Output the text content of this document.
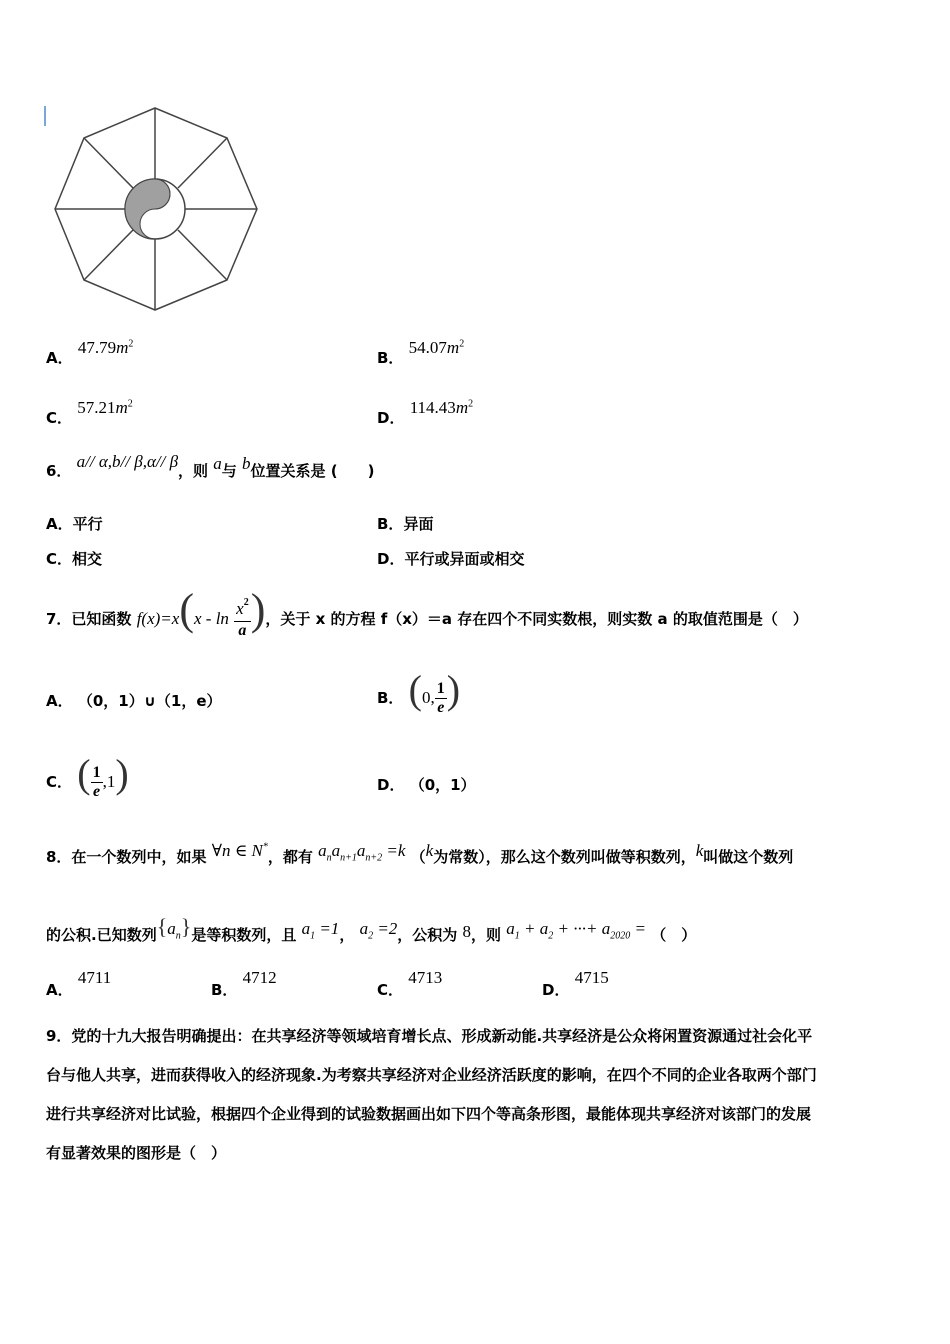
A． $47.79m^2$
B． $54.07m^2$
C． $57.21m^2$
D． $114.43m^2$
6． a// α,b// β,α// β，则 a与 b位置关系是 (　　)
A．平行	B．异面
C．相交	D．平行或异面或相交
7．已知函数 $f(x)=x(x - \ln \frac{x^2}{a}$ )，关于 x 的方程 f（x）＝a 存在四个不同实数根，则实数 a 的取值范围是（　）
A． （0，1）∪（1，e）	B． (0, $\frac{1}{e}$ )
C． ( $\frac{1}{e} ,1$)	D． （0，1）
8．在一个数列中，如果 ∀n ∈ N*，都有 $a_na_{n+1}a_{n+2} =k$ （k为常数），那么这个数列叫做等积数列，k叫做这个数列
的公积.已知数列$\{a_n\}$是等积数列，且 $a_1 =1$， $a_2 =2$，公积为 8，则 $a_1 + a_2$ + ···+ $a_{2020}$ = （　）
A． 4711
B． 4712
C． 4713
D． 4715
9．党的十九大报告明确提出：在共享经济等领域培育增长点、形成新动能.共享经济是公众将闲置资源通过社会化平
台与他人共享，进而获得收入的经济现象.为考察共享经济对企业经济活跃度的影响，在四个不同的企业各取两个部门
进行共享经济对比试验，根据四个企业得到的试验数据画出如下四个等高条形图，最能体现共享经济对该部门的发展
有显著效果的图形是（　）
